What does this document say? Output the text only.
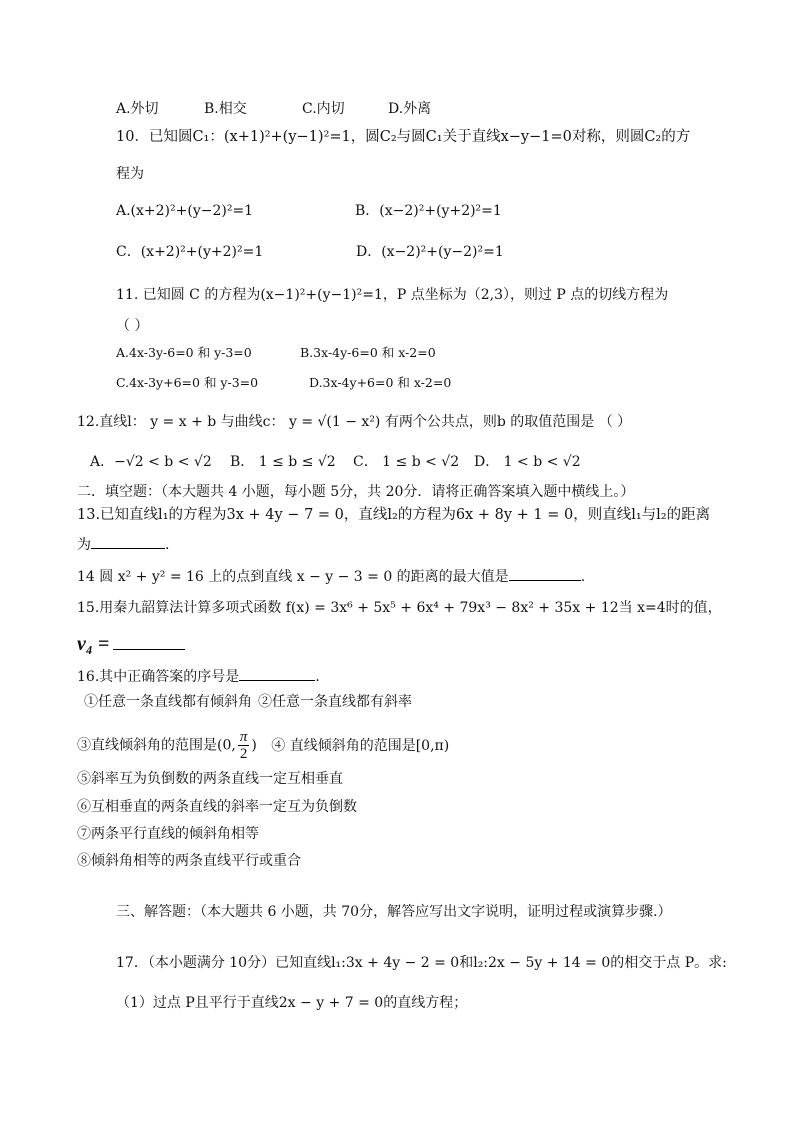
A.外切	B.相交	C.内切	D.外离
10．已知圆C₁：(x+1)²+(y−1)²=1，圆C₂与圆C₁关于直线x−y−1=0对称，则圆C₂的方
程为
A.(x+2)²+(y−2)²=1	B．(x−2)²+(y+2)²=1
C．(x+2)²+(y+2)²=1	D．(x−2)²+(y−2)²=1
11. 已知圆 C 的方程为(x−1)²+(y−1)²=1，P 点坐标为（2,3），则过 P 点的切线方程为
（ ）
A.4x-3y-6=0 和 y-3=0	B.3x-4y-6=0 和 x-2=0
C.4x-3y+6=0 和 y-3=0	D.3x-4y+6=0 和 x-2=0
12.直线l： y = x + b 与曲线c： y = √(1 − x²) 有两个公共点，则b 的取值范围是 （ ）
A．−√2 < b < √2 B． 1 ≤ b ≤ √2 C． 1 ≤ b < √2 D． 1 < b < √2
二．填空题：（本大题共 4 小题，每小题 5分，共 20分．请将正确答案填入题中横线上。）
13.已知直线l₁的方程为3x + 4y − 7 = 0，直线l₂的方程为6x + 8y + 1 = 0，则直线l₁与l₂的距离
为	.
14 圆 x² + y² = 16 上的点到直线 x − y − 3 = 0 的距离的最大值是	.
15.用秦九韶算法计算多项式函数 f(x) = 3x⁶ + 5x⁵ + 6x⁴ + 79x³ − 8x² + 35x + 12当 x=4时的值，
v₄ =
16.其中正确答案的序号是	.
①任意一条直线都有倾斜角 ②任意一条直线都有斜率
③直线倾斜角的范围是(0, $\frac{\pi}{2}$ ) ④ 直线倾斜角的范围是[0,π)
⑤斜率互为负倒数的两条直线一定互相垂直
⑥互相垂直的两条直线的斜率一定互为负倒数
⑦两条平行直线的倾斜角相等
⑧倾斜角相等的两条直线平行或重合
三、解答题：（本大题共 6 小题，共 70分，解答应写出文字说明，证明过程或演算步骤.）
17．（本小题满分 10分）已知直线l₁:3x + 4y − 2 = 0和l₂:2x − 5y + 14 = 0的相交于点 P。求:
（1）过点 P且平行于直线2x − y + 7 = 0的直线方程；
